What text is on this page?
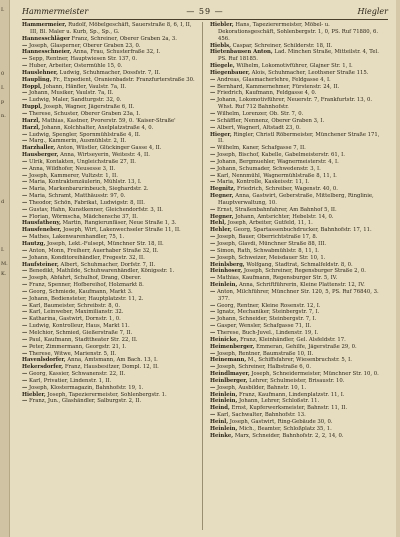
I.
0
I.
p
n.
d
I.
M.
K.
Hammermeister	— 59 —	Hiegler

Hammermeier, Rudolf, Möbelgeschäft, Sauerstraße 8, 6, I, II, III, Bl. Maler u. Kurb, Sp., Sp., G.

Hannesschläger Franz, Schreiner, Oberer Graben 2a, 3.

— Joseph, Glasperner, Oberer Graben 23, 0.

Hannesschneier, Anna, Frau, Schusterfraße 32, I.

— Sepp, Rentner, Hauptwiesen Str. 137, 0.

— Huber, Arbeiter, Ostermühle 15, 0.

Hauslehner, Ludwig, Schuhmacher, Dossfstr. 7, II.

Haupling, Fr., Expedient, Oranienbadstr. Franzfurterstraße 30.

Hoppl, Johann, Hänfler, Vaulstr. 7a, II.

— Johann, Musiker, Vaulstr. 7a, II.

— Ludwig, Maler, Sandturgstr. 32, 0.

Huppl, Joseph, Wagner, Jägerstraße 6, II.

— Therese, Schuster, Oberer Graben 23a, I.

Harzl, Mathias, Kastner, Pvorerstr. 59, 0. 'Kaiser-Straße'

Harzl, Johann, Kolchhalter, Axelplatzstraße 4, 0.

— Ludwig, Spengler, Spornmühlstraße 4, II.

— Marg., Kammerin, Ausmühlstr. 2, II.

Harzhaller, Anton, Wüstler, Glückinger Gasse 4, II.

Hausberger, Anna, Wirtseyerin, Weitestr. 4, II.

— Ulrik, Kontakten, Ungleichstraße 27, II.

— Anna, Wildhofer, Neusesse 3, II.

— Joseph, Kammerer, Vultzstr. 1, II.

— Maria, Kontraktenzäulerin, Mühlstr. 13, I.

— Maria, Markenbarurinbeuch, Sieghardstr. 2.

— Maria, Schramt, Matthäusstr. 97, 0.

— Theodor, Schön, Fabrikat, Ludwigstr. 8, III.

— Gustav, Hahn, Kunstkenner, Gleichendorfstr. 3, II.

— Florian, Wörmscha, Mädchensche 37, II.

Hausfatheny, Martin, Rangierunfäser, Neue Straße 1, 3.

Hausfeneber, Joseph, Wirt, Lakenwechseler Straße 11, II.

— Mathes, Lakenwarenhandler, 75, 1.

Hautzg, Joseph, Lekt.-Fulsept, Münchner Str. 18, II.

— Anton, Monn, Freiherr, Auerhaber Straße 32, II.

— Johann, Konditoreihändler, Fregestr. 32, II.

Haufsteiner, Albert, Schuhmacher, Dorfstr. 7, II.

— Benedikt, Mathilde, Schuhwarenhändler, Königsstr. 1.

— Joseph, Abfahrt, Schulhof, Drang, Oberer.

— Franz, Spenner, Hofbereihof, Holzmarkt 8.

— Georg, Schmiede, Kaufmann, Markt 3.

— Johann, Bediensteter, Hauptplatzstr. 11, 2.

— Karl, Baumeister, Schreibstr. 8, 0.

— Karl, Leinweber, Maximilianstr. 32.

— Katharina, Gastwirt, Dornstr. 1, 0.

— Ludwig, Kontrolleur, Haus, Markt 11.

— Melchior, Schmied, Gießerstraße 7, II.

— Paul, Kaufmann, Stadttheater Str. 22, II.

— Peter, Zimmermann, Georgstr. 21, I.

— Therese, Witwe, Marienstr. 5, II.

Havenlsdorfer, Anna, Amtsmann, Am Bach. 13, I.

Hekersdorfer, Franz, Hausbesitzer, Dompl. 12, II.

— Georg, Kassier, Schwanenstr. 22, II.

— Karl, Privatier, Lindenstr. 1, II.

— Joseph, Klostermagazin, Bahnhofstr. 19, 1.

Hiebler, Joseph, Tapezierermeister, Sohlenbergstr. 1.

— Franz, Jun., Glashändler, Salburgstr. 2, II.

Hiebler, Hans, Tapezierermeister, Möbel- u. Dekorationsgeschäft, Sohlenbergstr. 1, 0, PS. Ruf 71880, 6. 456.

Hiebls, Caspar, Schreiner, Schilderstr. 18, II.

Hietenbausen Anton, Lad. Minchen Straße, Mitteilstr. 4, Tel. PS. Ruf 18185.

Hiegele, Wilhelm, Lokomotivführer, Glajner Str. 1, I.

Hiegenbauer, Alois, Schuhmacher, Leothsner Straße 115.

— Andreas, Glasmacherlehre, Feldgasse 4, I.

— Bernhard, Kammernehmer, Fürstenstr. 24, II.

— Friedrich, Kaufmann, Feldgasse 4, 0.

— Johann, Lokomotivführer, Neuerstr. 7, Frankfurtstr. 13, 0. Whst. Ruf 712 Bahnhofstr.

— Wilhelm, Lorenzer, Ob. Str. 7, 0.

— Schäffler, Nennenz, Oberer Graben 3, I.

— Albert, Wagnerl, Altstadt 23, 0.

Hieger, Ringler, Christl Röbermeister, Münchener Straße 171, II.

— Wilhelm, Kaner, Schafgasse 7, II.

— Joseph, Bischof, Kabelle, Gabelmeisterstr. 61, I.

— Johann, Bergmuehler, Wagnermeisterstr. 4, I.

— Johann, Schumader, Schwedenstr. 3, I.

— Karl, Nennmühl, Wagnermühlstraße 8, 11, I.

— Maria, Kontrolle, Kaskeisstr. 11, I.

Hegnitz, Friedrich, Schreiber, Wagenstr. 40, 0.

Hegner, Anna, Gastwirt, Geberstraße, Mittelberg, Ringlinie, Hauptverwaltung, 10.

— Ernst, Straßenbahnfahrer, Am Bahnhof 5, II.

Hegner, Johann, Amtsrichter, Hebelstr. 14, 0.

Hehl, Joseph, Arbeiter, Gutfeld, 11, 1.

Hehler, Georg, Spartassenbuchdrucker, Bahnhofstr. 17, 11.

— Joseph, Bauer, Oberrichtstraße 17, 8.

— Joseph, Glavdi, Münchner Straße 88, III.

— Simon, Rath, Schwabmühlstr. 8, 11, I.

— Joseph, Schweizer, Meisdauer Str. 10, 1.

Heinlsberg, Wolfgang, Stadtrat, Schmalfeldstr. 8, 0.

Heinhoser, Joseph, Schreiner, Regensburger Straße 2, 0.

— Mathias, Kaufmann, Regensburger Str. 5, IV.

Heinlein, Anna, Schriftführerin, Kleine Plattenstr. 12, IV.

— Anton, Milchführer, Münchner Str. 120, 5, PS. Ruf 76840, 3. 377.

— Georg, Rentner, Kleine Rosenstr. 12, I.

— Ignatz, Mechaniker, Steinbergstr. 7, I.

— Johann, Schneider, Steinbergstr. 7, I.

— Gasper, Wensler, Schafgasse 71, II.

— Therese, Buch-Juvel., Lindenstr. 19, I.

Heinicke, Franz, Kleinhändler, Gel. Alsfeldstr. 17.

Heimenberger, Emmeran, Gehilfe, Jägerstraße 29, 0.

— Joseph, Rentner, Baumstraße 10, II.

Heinemann, M., Schiffsfahrer, Wiesenbruchstr. 5, I.

— Joseph, Schreiner, Halbstraße 6, 0.

Heindlmayer, Joseph, Schneidermeister, Münchner Str. 10, 0.

Heinlberger, Lehrer, Schulmeister, Brisaustr. 10.

— Joseph, Ausbilder, Bahnstr. 10, 1.

Heinlein, Franz, Kaufmann, Lindenplatzstr. 11, I.

Heinlein, Johann, Lehrer, Schloßstr. 11.

Heind, Ernst, Kupferwerksmeister, Bahnstr. 11, II.

— Karl, Sachwalter, Bahnhofstr. 13.

Heinl, Joseph, Gastwirt, Ring-Gebäude 30, 0.

Heinlein, Mich., Beamter, Schloßplatz 35, 1.

Heinke, Marx, Schneider, Bahnhofstr. 2, 2, 14, 0.
